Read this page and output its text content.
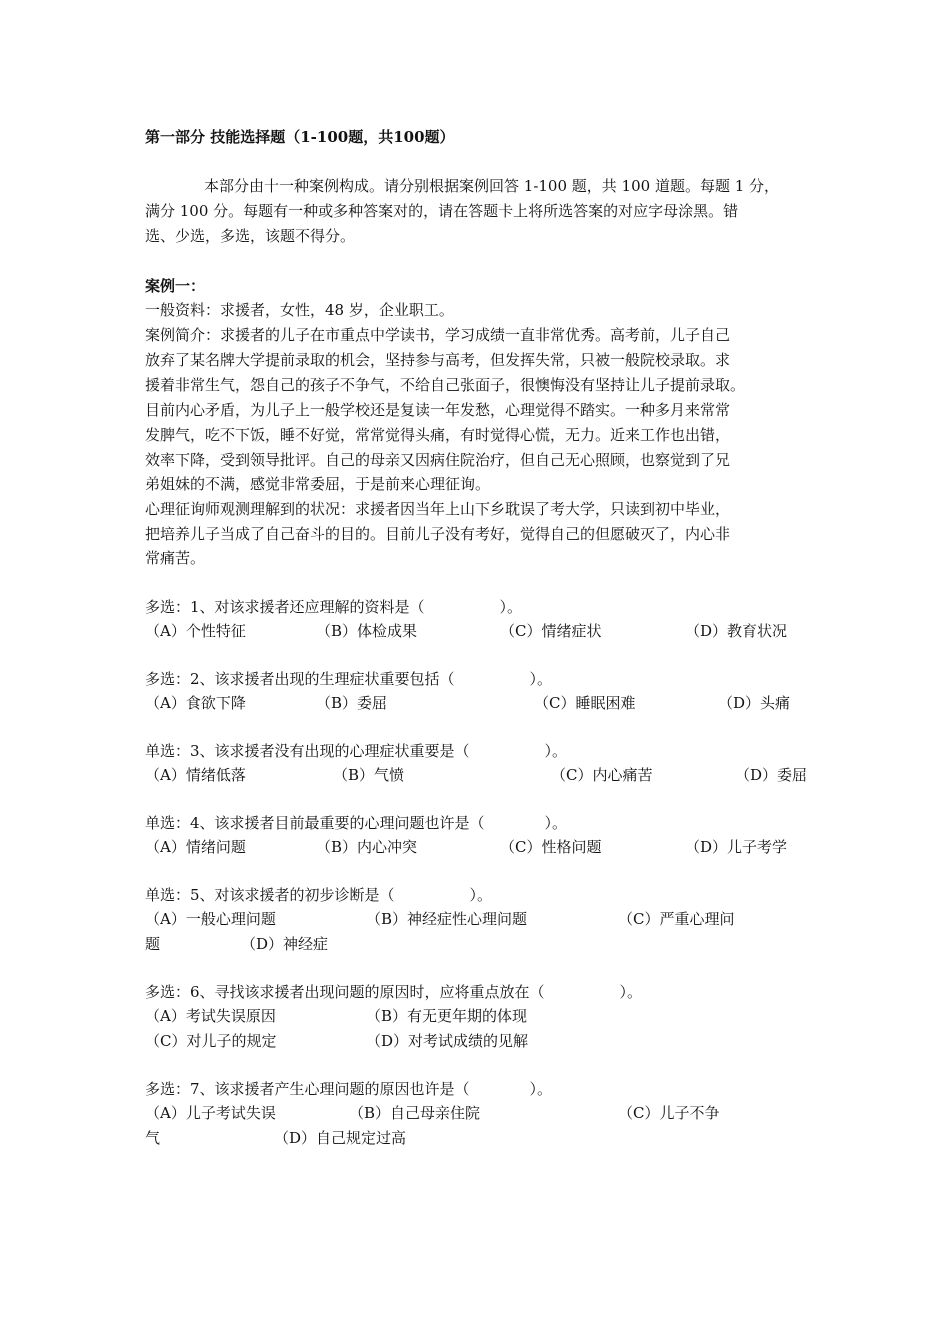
第一部分 技能选择题（1-100题，共100题）
本部分由十一种案例构成。请分别根据案例回答 1-100 题，共 100 道题。每题 1 分，
满分 100 分。每题有一种或多种答案对的，请在答题卡上将所选答案的对应字母涂黑。错
选、少选，多选，该题不得分。
案例一：
一般资料：求援者，女性，48 岁，企业职工。
案例简介：求援者的儿子在市重点中学读书，学习成绩一直非常优秀。高考前，儿子自己
放弃了某名牌大学提前录取的机会，坚持参与高考，但发挥失常，只被一般院校录取。求
援着非常生气，怨自己的孩子不争气，不给自己张面子，很懊悔没有坚持让儿子提前录取。
目前内心矛盾，为儿子上一般学校还是复读一年发愁，心理觉得不踏实。一种多月来常常
发脾气，吃不下饭，睡不好觉，常常觉得头痛，有时觉得心慌，无力。近来工作也出错，
效率下降，受到领导批评。自己的母亲又因病住院治疗，但自己无心照顾，也察觉到了兄
弟姐妹的不满，感觉非常委屈，于是前来心理征询。
心理征询师观测理解到的状况：求援者因当年上山下乡耽误了考大学，只读到初中毕业，
把培养儿子当成了自己奋斗的目的。目前儿子没有考好，觉得自己的但愿破灭了，内心非
常痛苦。
多选：1、对该求援者还应理解的资料是（　　　　　）。
（A）个性特征	（B）体检成果	（C）情绪症状	（D）教育状况
多选：2、该求援者出现的生理症状重要包括（　　　　　）。
（A）食欲下降	（B）委屈	（C）睡眠困难	（D）头痛
单选：3、该求援者没有出现的心理症状重要是（　　　　　）。
（A）情绪低落	（B）气愤	（C）内心痛苦	（D）委屈
单选：4、该求援者目前最重要的心理问题也许是（　　　　）。
（A）情绪问题	（B）内心冲突	（C）性格问题	（D）儿子考学
单选：5、对该求援者的初步诊断是（　　　　　）。
（A）一般心理问题	（B）神经症性心理问题	（C）严重心理问
题	（D）神经症
多选：6、寻找该求援者出现问题的原因时，应将重点放在（　　　　　）。
（A）考试失误原因	（B）有无更年期的体现
（C）对儿子的规定	（D）对考试成绩的见解
多选：7、该求援者产生心理问题的原因也许是（　　　　）。
（A）儿子考试失误	（B）自己母亲住院	（C）儿子不争
气	（D）自己规定过高
